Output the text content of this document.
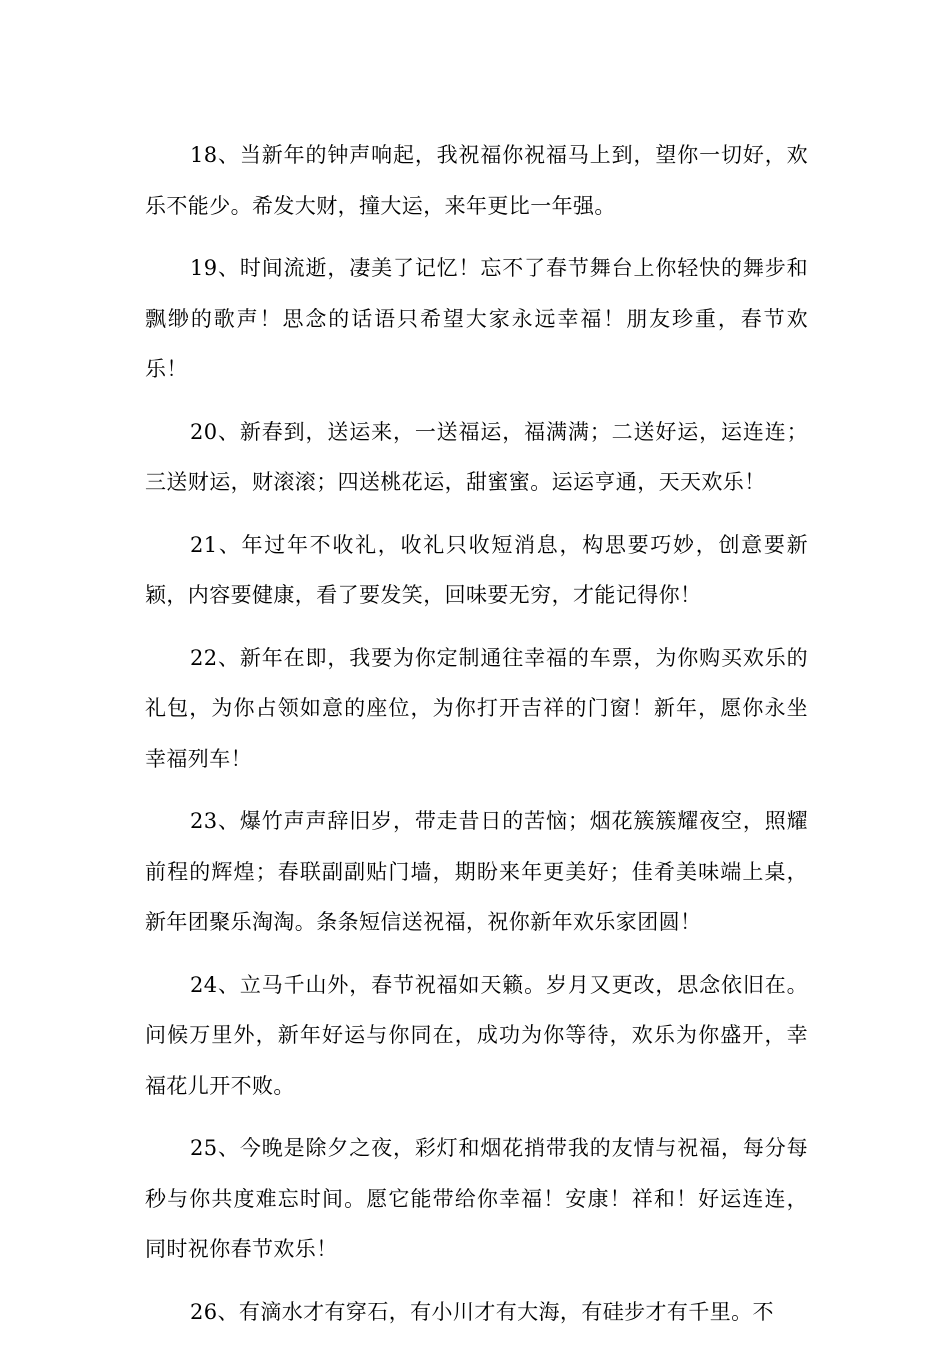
18、当新年的钟声响起，我祝福你祝福马上到，望你一切好，欢乐不能少。希发大财，撞大运，来年更比一年强。

19、时间流逝，凄美了记忆！忘不了春节舞台上你轻快的舞步和飘缈的歌声！思念的话语只希望大家永远幸福！朋友珍重，春节欢乐！

20、新春到，送运来，一送福运，福满满；二送好运，运连连；三送财运，财滚滚；四送桃花运，甜蜜蜜。运运亨通，天天欢乐！

21、年过年不收礼，收礼只收短消息，构思要巧妙，创意要新颖，内容要健康，看了要发笑，回味要无穷，才能记得你！

22、新年在即，我要为你定制通往幸福的车票，为你购买欢乐的礼包，为你占领如意的座位，为你打开吉祥的门窗！新年，愿你永坐幸福列车！

23、爆竹声声辞旧岁，带走昔日的苦恼；烟花簇簇耀夜空，照耀前程的辉煌；春联副副贴门墙，期盼来年更美好；佳肴美味端上桌，新年团聚乐淘淘。条条短信送祝福，祝你新年欢乐家团圆！

24、立马千山外，春节祝福如天籁。岁月又更改，思念依旧在。问候万里外，新年好运与你同在，成功为你等待，欢乐为你盛开，幸福花儿开不败。

25、今晚是除夕之夜，彩灯和烟花捎带我的友情与祝福，每分每秒与你共度难忘时间。愿它能带给你幸福！安康！祥和！好运连连，同时祝你春节欢乐！

26、有滴水才有穿石，有小川才有大海，有硅步才有千里。不
